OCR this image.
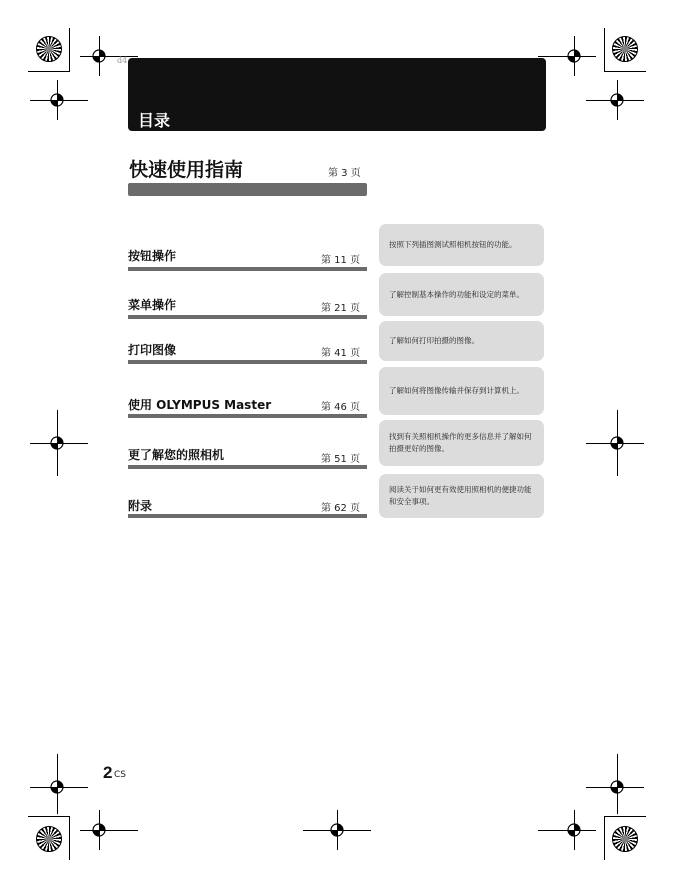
d4
目录
快速使用指南	第 3 页
按钮操作	第 11 页
按照下列插图测试照相机按钮的功能。
菜单操作	第 21 页
了解控制基本操作的功能和设定的菜单。
打印图像	第 41 页
了解如何打印拍摄的图像。
使用 OLYMPUS Master	第 46 页
了解如何将图像传输并保存到计算机上。
更了解您的照相机	第 51 页
找到有关照相机操作的更多信息并了解如何拍摄更好的图像。
附录	第 62 页
阅读关于如何更有效使用照相机的便捷功能和安全事项。
2 CS
